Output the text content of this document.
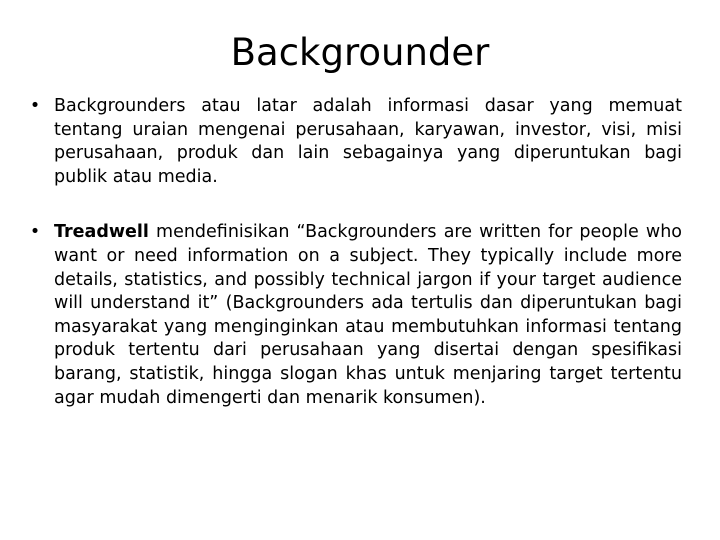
Backgrounder
• Backgrounders atau latar adalah informasi dasar yang memuat tentang uraian mengenai perusahaan, karyawan, investor, visi, misi perusahaan, produk dan lain sebagainya yang diperuntukan bagi publik atau media.
• Treadwell mendefinisikan “Backgrounders are written for people who want or need information on a subject. They typically include more details, statistics, and possibly technical jargon if your target audience will understand it” (Backgrounders ada tertulis dan diperuntukan bagi masyarakat yang menginginkan atau membutuhkan informasi tentang produk tertentu dari perusahaan yang disertai dengan spesifikasi barang, statistik, hingga slogan khas untuk menjaring target tertentu agar mudah dimengerti dan menarik konsumen).
